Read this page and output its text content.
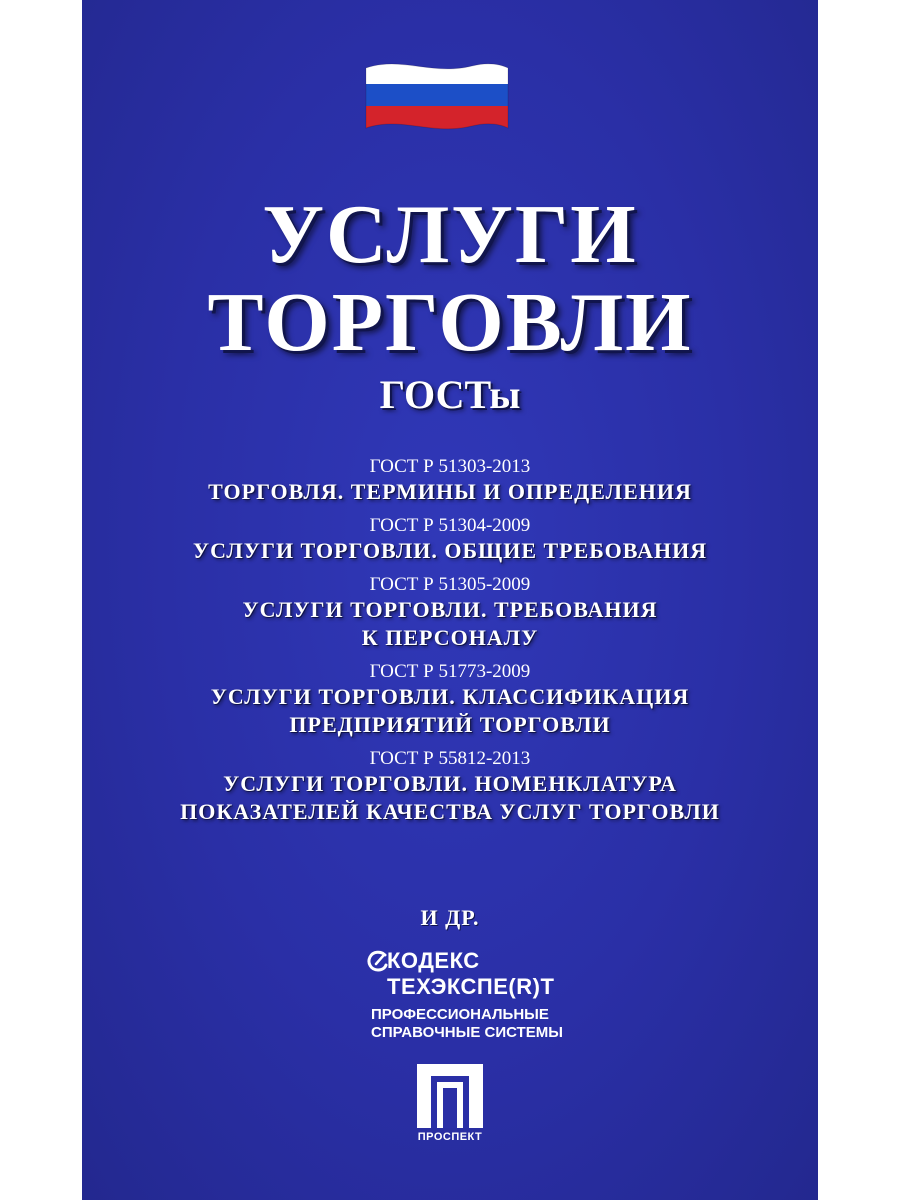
УСЛУГИ
ТОРГОВЛИ
ГОСТы
ГОСТ Р 51303-2013
ТОРГОВЛЯ. ТЕРМИНЫ И ОПРЕДЕЛЕНИЯ
ГОСТ Р 51304-2009
УСЛУГИ ТОРГОВЛИ. ОБЩИЕ ТРЕБОВАНИЯ
ГОСТ Р 51305-2009
УСЛУГИ ТОРГОВЛИ. ТРЕБОВАНИЯ
К ПЕРСОНАЛУ
ГОСТ Р 51773-2009
УСЛУГИ ТОРГОВЛИ. КЛАССИФИКАЦИЯ
ПРЕДПРИЯТИЙ ТОРГОВЛИ
ГОСТ Р 55812-2013
УСЛУГИ ТОРГОВЛИ. НОМЕНКЛАТУРА
ПОКАЗАТЕЛЕЙ КАЧЕСТВА УСЛУГ ТОРГОВЛИ
И ДР.
КОДЕКС
ТЕХЭКСПЕ(R)Т
ПРОФЕССИОНАЛЬНЫЕ
СПРАВОЧНЫЕ СИСТЕМЫ
ПРОСПЕКТ
